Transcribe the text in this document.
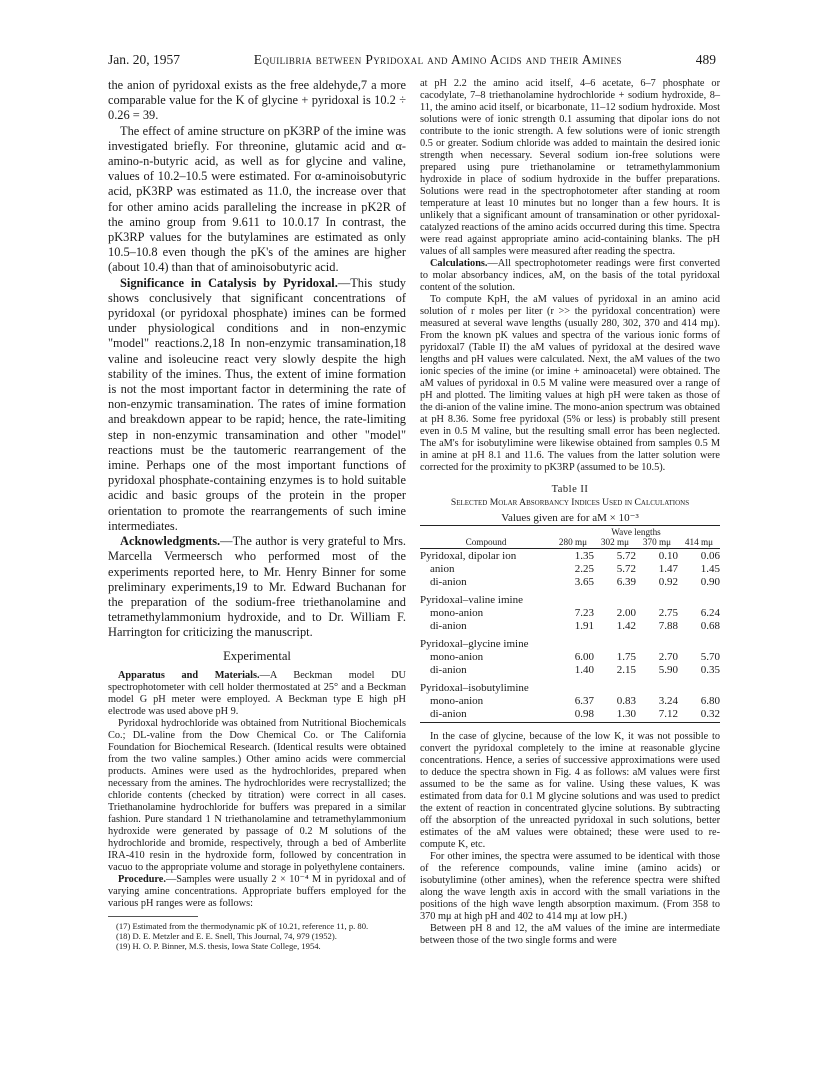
Jan. 20, 1957	Equilibria between Pyridoxal and Amino Acids and their Amines	489

the anion of pyridoxal exists as the free aldehyde,7 a more comparable value for the K of glycine + pyridoxal is 10.2 ÷ 0.26 = 39.

The effect of amine structure on pK3RP of the imine was investigated briefly. For threonine, glutamic acid and α-amino-n-butyric acid, as well as for glycine and valine, values of 10.2–10.5 were estimated. For α-aminoisobutyric acid, pK3RP was estimated as 11.0, the increase over that for other amino acids paralleling the increase in pK2R of the amino group from 9.611 to 10.0.17 In contrast, the pK3RP values for the butylamines are estimated as only 10.5–10.8 even though the pK's of the amines are higher (about 10.4) than that of aminoisobutyric acid.

Significance in Catalysis by Pyridoxal.—This study shows conclusively that significant concentrations of pyridoxal (or pyridoxal phosphate) imines can be formed under physiological conditions and in non-enzymic "model" reactions.2,18 In non-enzymic transamination,18 valine and isoleucine react very slowly despite the high stability of the imines. Thus, the extent of imine formation is not the most important factor in determining the rate of non-enzymic transamination. The rates of imine formation and breakdown appear to be rapid; hence, the rate-limiting step in non-enzymic transamination and other "model" reactions must be the tautomeric rearrangement of the imine. Perhaps one of the most important functions of pyridoxal phosphate-containing enzymes is to hold suitable acidic and basic groups of the protein in the proper orientation to promote the rearrangements of such imine intermediates.

Acknowledgments.—The author is very grateful to Mrs. Marcella Vermeersch who performed most of the experiments reported here, to Mr. Henry Binner for some preliminary experiments,19 to Mr. Edward Buchanan for the preparation of the sodium-free triethanolamine and tetramethylammonium hydroxide, and to Dr. William F. Harrington for criticizing the manuscript.

Experimental

Apparatus and Materials.—A Beckman model DU spectrophotometer with cell holder thermostated at 25° and a Beckman model G pH meter were employed. A Beckman type E high pH electrode was used above pH 9.

Pyridoxal hydrochloride was obtained from Nutritional Biochemicals Co.; DL-valine from the Dow Chemical Co. or The California Foundation for Biochemical Research. (Identical results were obtained from the two valine samples.) Other amino acids were commercial products. Amines were used as the hydrochlorides, prepared when necessary from the amines. The hydrochlorides were recrystallized; the chloride contents (checked by titration) were correct in all cases. Triethanolamine hydrochloride for buffers was prepared in a similar fashion. Pure standard 1 N triethanolamine and tetramethylammonium hydroxide were generated by passage of 0.2 M solutions of the hydrochloride and bromide, respectively, through a bed of Amberlite IRA-410 resin in the hydroxide form, followed by concentration in vacuo to the appropriate volume and storage in polyethylene containers.

Procedure.—Samples were usually 2 × 10⁻⁴ M in pyridoxal and of varying amine concentrations. Appropriate buffers employed for the various pH ranges were as follows:

(17) Estimated from the thermodynamic pK of 10.21, reference 11, p. 80.

(18) D. E. Metzler and E. E. Snell, This Journal, 74, 979 (1952).

(19) H. O. P. Binner, M.S. thesis, Iowa State College, 1954.

at pH 2.2 the amino acid itself, 4–6 acetate, 6–7 phosphate or cacodylate, 7–8 triethanolamine hydrochloride + sodium hydroxide, 8–11, the amino acid itself, or bicarbonate, 11–12 sodium hydroxide. Most solutions were of ionic strength 0.1 assuming that dipolar ions do not contribute to the ionic strength. A few solutions were of ionic strength 0.5 or greater. Sodium chloride was added to maintain the desired ionic strength when necessary. Several sodium ion-free solutions were prepared using pure triethanolamine or tetramethylammonium hydroxide in place of sodium hydroxide in the buffer preparations. Solutions were read in the spectrophotometer after standing at room temperature at least 10 minutes but no longer than a few hours. It is unlikely that a significant amount of transamination or other pyridoxal-catalyzed reactions of the amino acids occurred during this time. Spectra were read against appropriate amino acid-containing blanks. The pH values of all samples were measured after reading the spectra.

Calculations.—All spectrophotometer readings were first converted to molar absorbancy indices, aM, on the basis of the total pyridoxal content of the solution.

To compute KpH, the aM values of pyridoxal in an amino acid solution of r moles per liter (r >> the pyridoxal concentration) were measured at several wave lengths (usually 280, 302, 370 and 414 mμ). From the known pK values and spectra of the various ionic forms of pyridoxal7 (Table II) the aM values of pyridoxal at the desired wave lengths and pH values were calculated. Next, the aM values of the two ionic species of the imine (or imine + aminoacetal) were obtained. The aM values of pyridoxal in 0.5 M valine were measured over a range of pH and plotted. The limiting values at high pH were taken as those of the di-anion of the valine imine. The mono-anion spectrum was obtained at pH 8.36. Some free pyridoxal (5% or less) is probably still present even in 0.5 M valine, but the resulting small error has been neglected. The aM's for isobutylimine were likewise obtained from samples 0.5 M in amine at pH 8.1 and 11.6. The values from the latter solution were corrected for the proximity to pK3RP (assumed to be 10.5).

Table II
Selected Molar Absorbancy Indices Used in Calculations
Values given are for aM × 10⁻³
	Wave lengths			
Compound	280 mμ	302 mμ	370 mμ	414 mμ
Pyridoxal, dipolar ion	1.35	5.72	0.10	0.06
anion	2.25	5.72	1.47	1.45
di-anion	3.65	6.39	0.92	0.90
Pyridoxal–valine imine				
mono-anion	7.23	2.00	2.75	6.24
di-anion	1.91	1.42	7.88	0.68
Pyridoxal–glycine imine				
mono-anion	6.00	1.75	2.70	5.70
di-anion	1.40	2.15	5.90	0.35
Pyridoxal–isobutylimine				
mono-anion	6.37	0.83	3.24	6.80
di-anion	0.98	1.30	7.12	0.32

In the case of glycine, because of the low K, it was not possible to convert the pyridoxal completely to the imine at reasonable glycine concentrations. Hence, a series of successive approximations were used to deduce the spectra shown in Fig. 4 as follows: aM values were first assumed to be the same as for valine. Using these values, K was estimated from data for 0.1 M glycine solutions and was used to predict the extent of reaction in concentrated glycine solutions. By subtracting off the absorption of the unreacted pyridoxal in such solutions, better estimates of the aM values were obtained; these were used to re-compute K, etc.

For other imines, the spectra were assumed to be identical with those of the reference compounds, valine imine (amino acids) or isobutylimine (other amines), when the reference spectra were shifted along the wave length axis in accord with the small variations in the positions of the high wave length absorption maximum. (From 358 to 370 mμ at high pH and 402 to 414 mμ at low pH.)

Between pH 8 and 12, the aM values of the imine are intermediate between those of the two single forms and were
